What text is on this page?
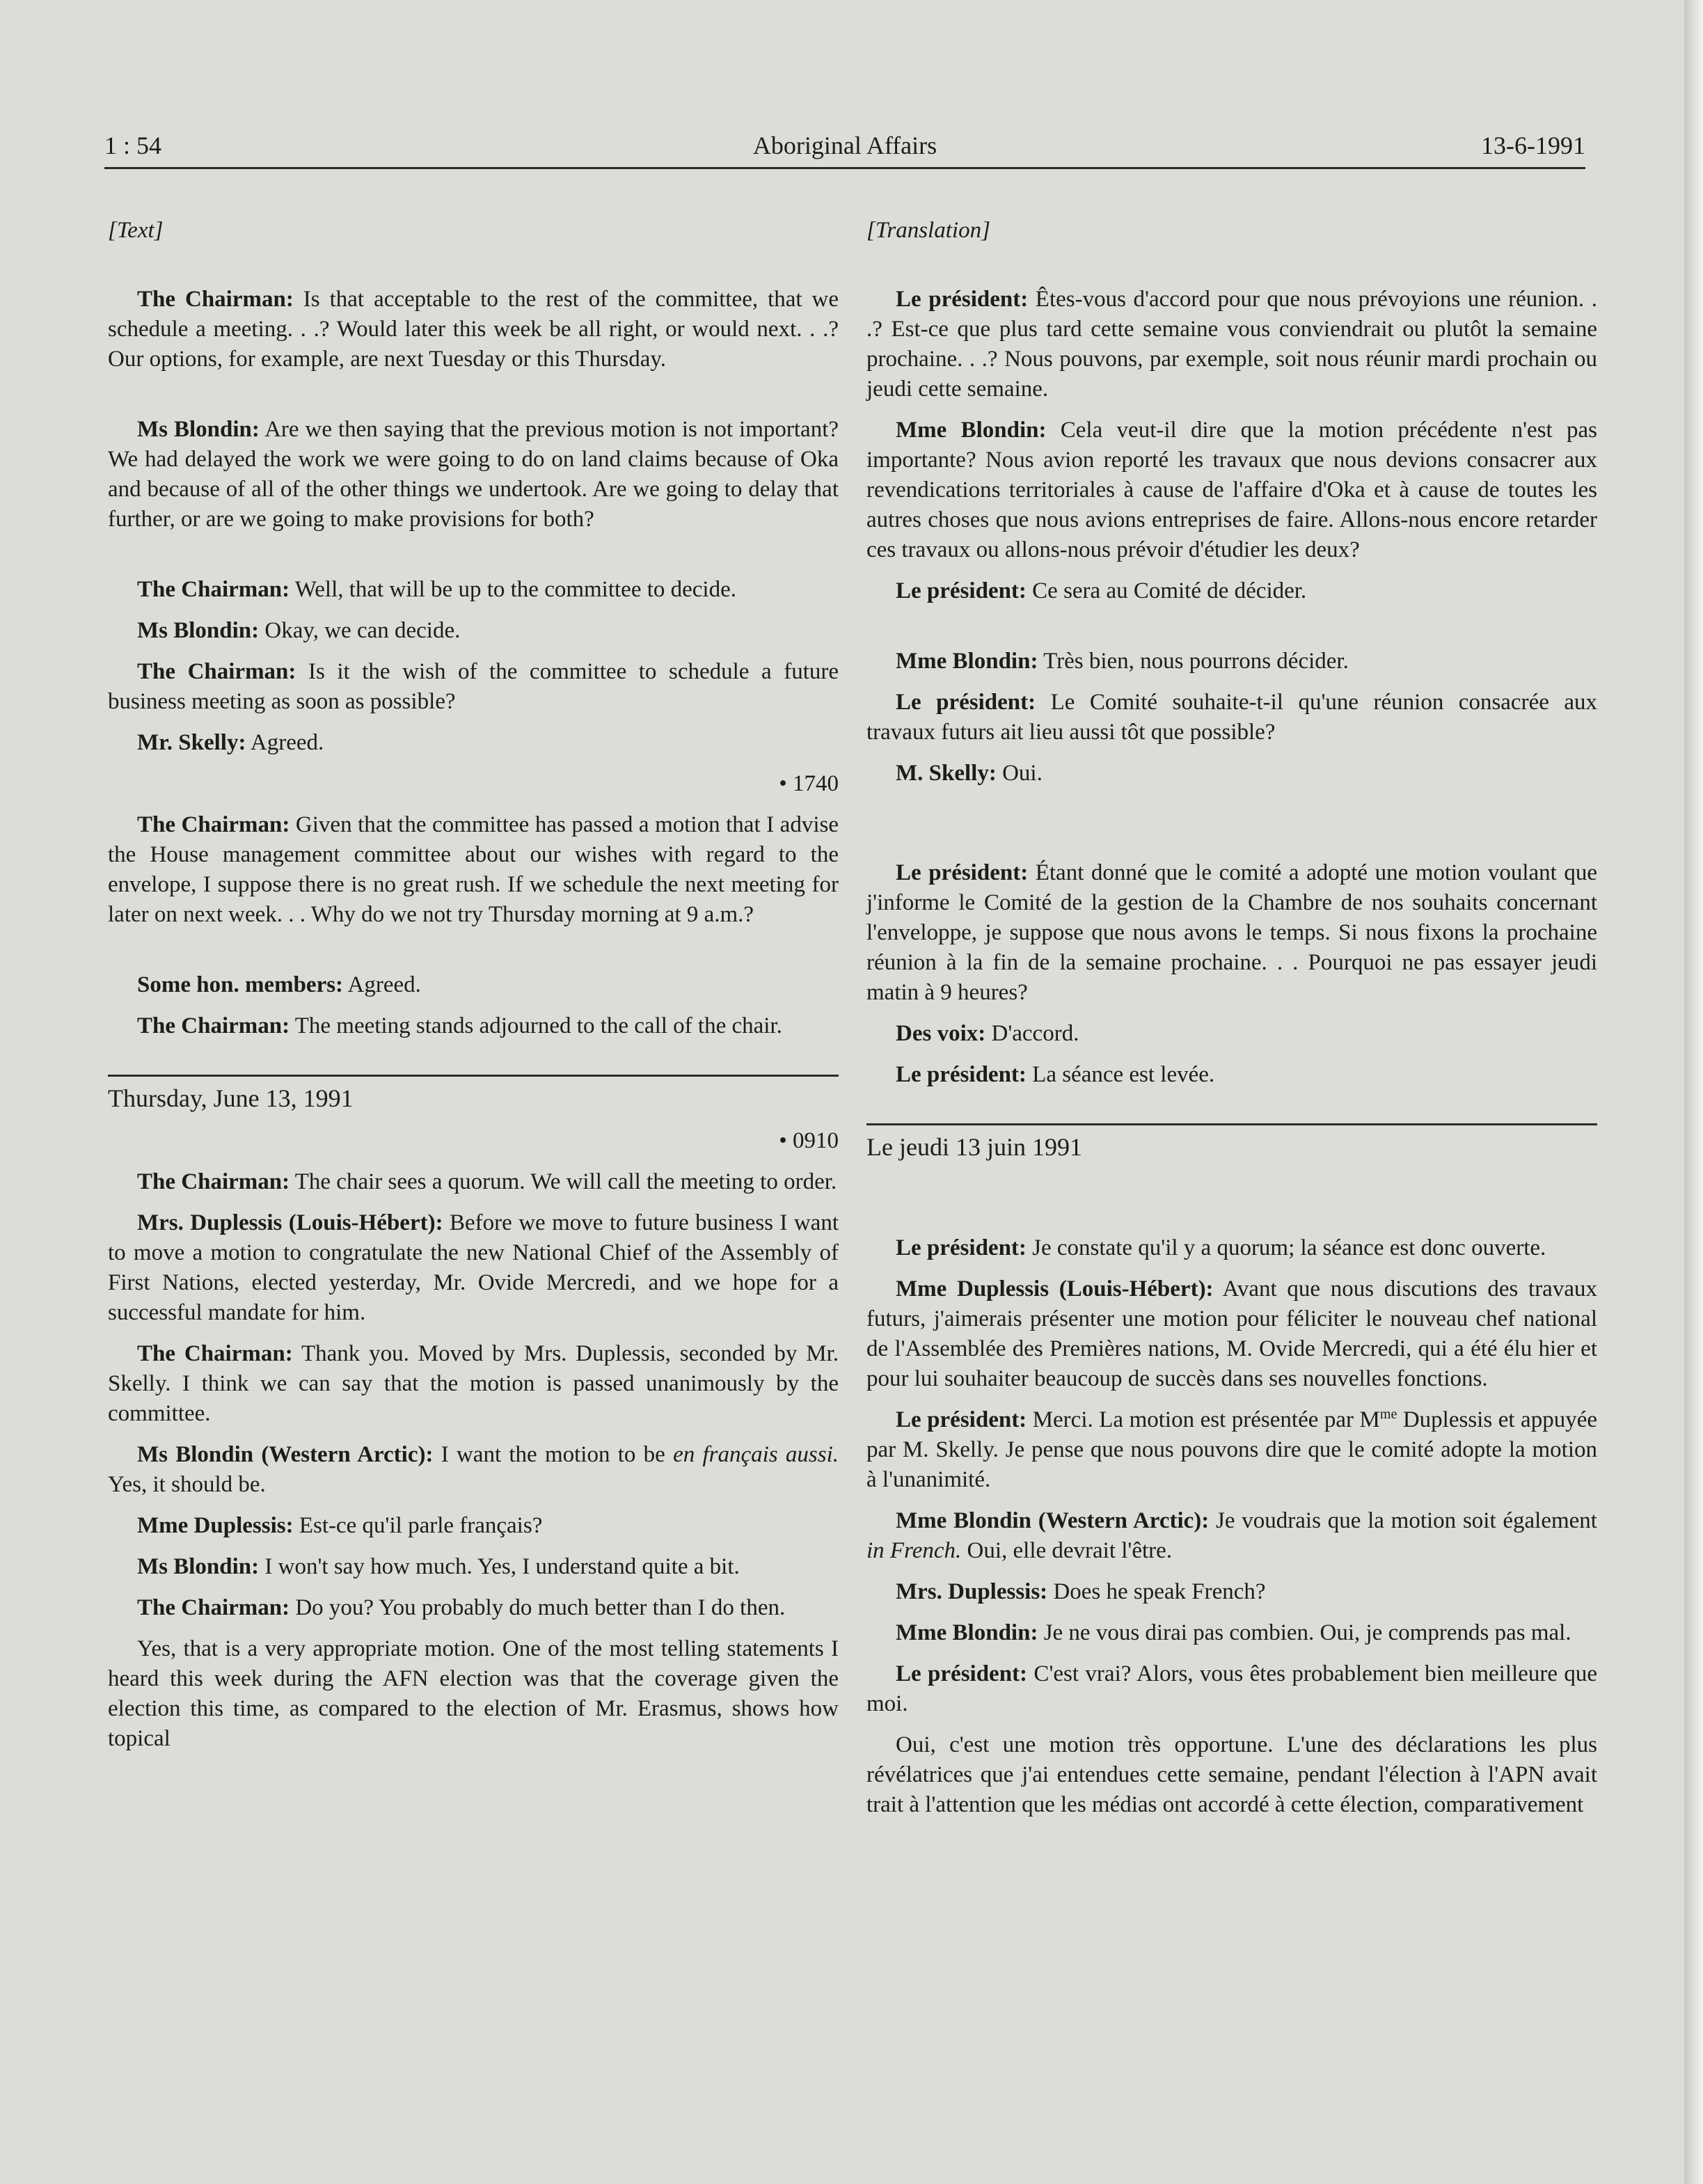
1 : 54	Aboriginal Affairs	13-6-1991
[Text]

The Chairman: Is that acceptable to the rest of the committee, that we schedule a meeting. . .? Would later this week be all right, or would next. . .? Our options, for example, are next Tuesday or this Thursday.

Ms Blondin: Are we then saying that the previous motion is not important? We had delayed the work we were going to do on land claims because of Oka and because of all of the other things we undertook. Are we going to delay that further, or are we going to make provisions for both?

The Chairman: Well, that will be up to the committee to decide.

Ms Blondin: Okay, we can decide.

The Chairman: Is it the wish of the committee to schedule a future business meeting as soon as possible?

Mr. Skelly: Agreed.

• 1740

The Chairman: Given that the committee has passed a motion that I advise the House management committee about our wishes with regard to the envelope, I suppose there is no great rush. If we schedule the next meeting for later on next week. . . Why do we not try Thursday morning at 9 a.m.?

Some hon. members: Agreed.

The Chairman: The meeting stands adjourned to the call of the chair.

Thursday, June 13, 1991
• 0910

The Chairman: The chair sees a quorum. We will call the meeting to order.

Mrs. Duplessis (Louis-Hébert): Before we move to future business I want to move a motion to congratulate the new National Chief of the Assembly of First Nations, elected yesterday, Mr. Ovide Mercredi, and we hope for a successful mandate for him.

The Chairman: Thank you. Moved by Mrs. Duplessis, seconded by Mr. Skelly. I think we can say that the motion is passed unanimously by the committee.

Ms Blondin (Western Arctic): I want the motion to be en français aussi. Yes, it should be.

Mme Duplessis: Est-ce qu'il parle français?

Ms Blondin: I won't say how much. Yes, I understand quite a bit.

The Chairman: Do you? You probably do much better than I do then.

Yes, that is a very appropriate motion. One of the most telling statements I heard this week during the AFN election was that the coverage given the election this time, as compared to the election of Mr. Erasmus, shows how topical

[Translation]

Le président: Êtes-vous d'accord pour que nous prévoyions une réunion. . .? Est-ce que plus tard cette semaine vous conviendrait ou plutôt la semaine prochaine. . .? Nous pouvons, par exemple, soit nous réunir mardi prochain ou jeudi cette semaine.

Mme Blondin: Cela veut-il dire que la motion précédente n'est pas importante? Nous avion reporté les travaux que nous devions consacrer aux revendications territoriales à cause de l'affaire d'Oka et à cause de toutes les autres choses que nous avions entreprises de faire. Allons-nous encore retarder ces travaux ou allons-nous prévoir d'étudier les deux?

Le président: Ce sera au Comité de décider.

Mme Blondin: Très bien, nous pourrons décider.

Le président: Le Comité souhaite-t-il qu'une réunion consacrée aux travaux futurs ait lieu aussi tôt que possible?

M. Skelly: Oui.

Le président: Étant donné que le comité a adopté une motion voulant que j'informe le Comité de la gestion de la Chambre de nos souhaits concernant l'enveloppe, je suppose que nous avons le temps. Si nous fixons la prochaine réunion à la fin de la semaine prochaine. . . Pourquoi ne pas essayer jeudi matin à 9 heures?

Des voix: D'accord.

Le président: La séance est levée.

Le jeudi 13 juin 1991

Le président: Je constate qu'il y a quorum; la séance est donc ouverte.

Mme Duplessis (Louis-Hébert): Avant que nous discutions des travaux futurs, j'aimerais présenter une motion pour féliciter le nouveau chef national de l'Assemblée des Premières nations, M. Ovide Mercredi, qui a été élu hier et pour lui souhaiter beaucoup de succès dans ses nouvelles fonctions.

Le président: Merci. La motion est présentée par $M^{me}$ Duplessis et appuyée par M. Skelly. Je pense que nous pouvons dire que le comité adopte la motion à l'unanimité.

Mme Blondin (Western Arctic): Je voudrais que la motion soit également in French. Oui, elle devrait l'être.

Mrs. Duplessis: Does he speak French?

Mme Blondin: Je ne vous dirai pas combien. Oui, je comprends pas mal.

Le président: C'est vrai? Alors, vous êtes probablement bien meilleure que moi.

Oui, c'est une motion très opportune. L'une des déclarations les plus révélatrices que j'ai entendues cette semaine, pendant l'élection à l'APN avait trait à l'attention que les médias ont accordé à cette élection, comparativement
